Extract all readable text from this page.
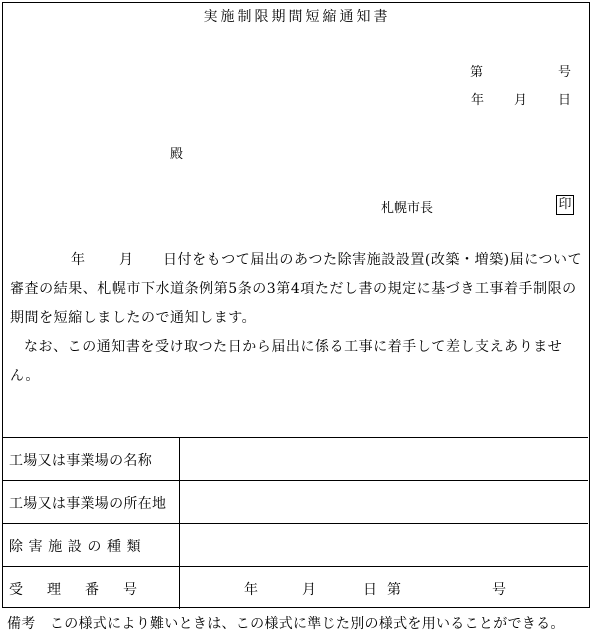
実施制限期間短縮通知書
第	号
年 月 日
殿
札幌市長	印
年 月 日付をもつて届出のあつた除害施設設置(改築・増築)届について
審査の結果、札幌市下水道条例第5条の3第4項ただし書の規定に基づき工事着手制限の
期間を短縮しましたので通知します。
なお、この通知書を受け取つた日から届出に係る工事に着手して差し支えありませ
ん。
工場又は事業場の名称
工場又は事業場の所在地
除害施設の種類
受理番号	年	月	日第	号
備考　この様式により難いときは、この様式に準じた別の様式を用いることができる。
